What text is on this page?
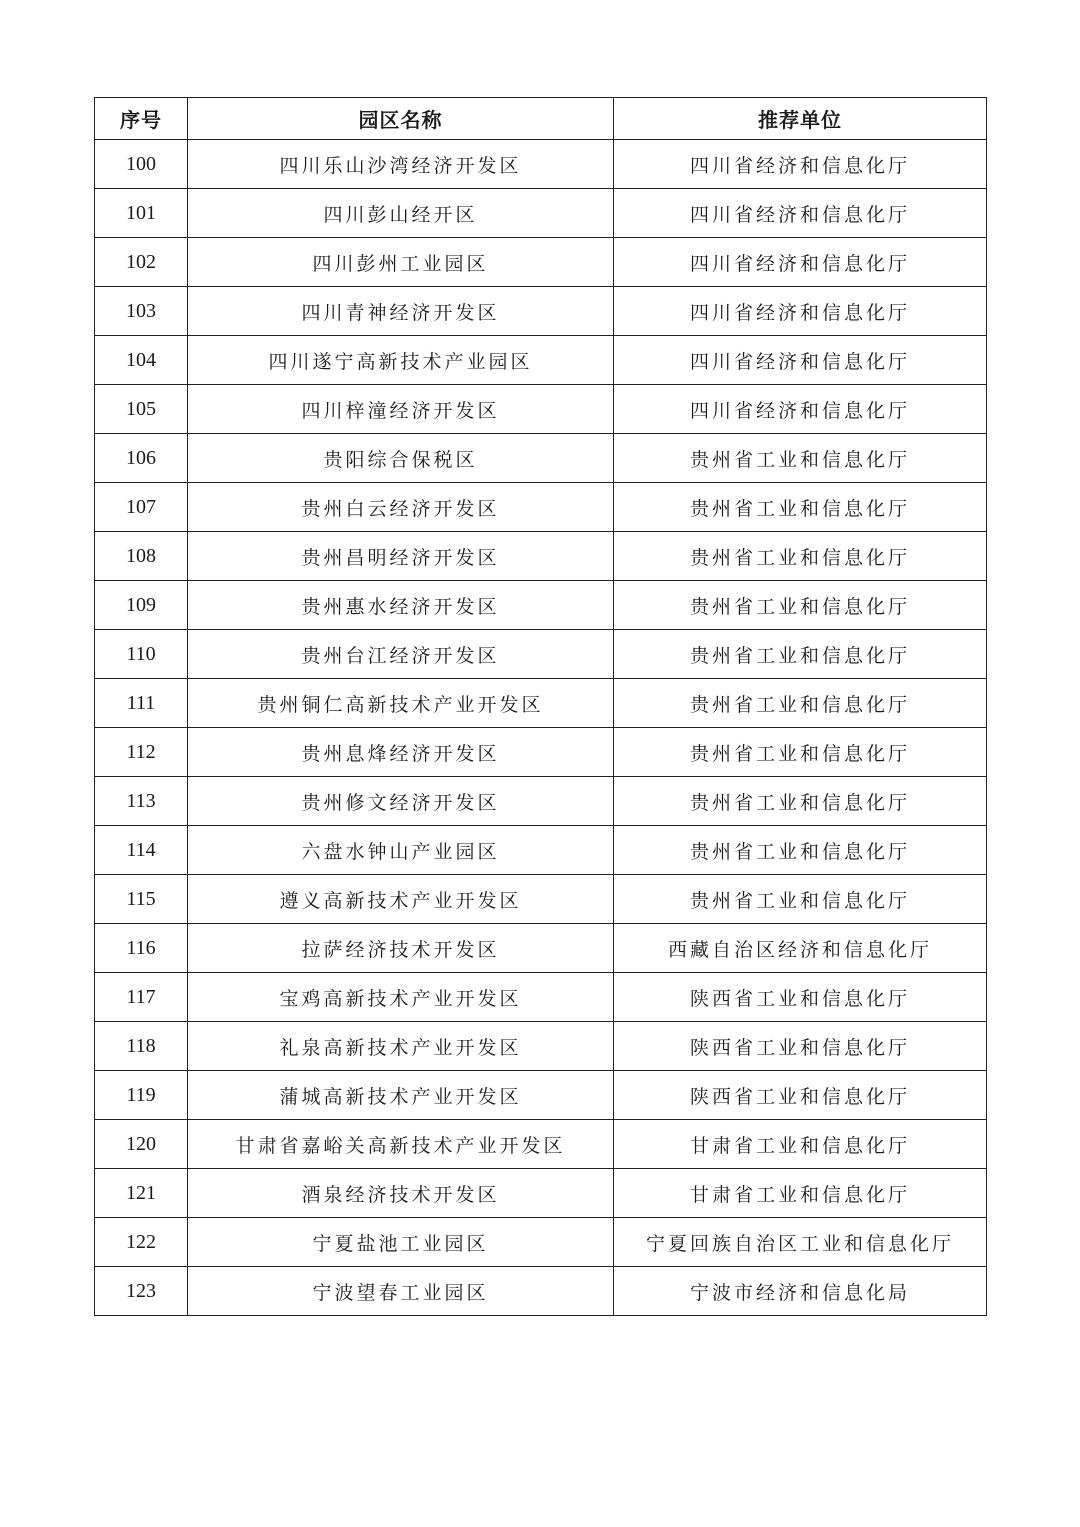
序号	园区名称	推荐单位
100	四川乐山沙湾经济开发区	四川省经济和信息化厅
101	四川彭山经开区	四川省经济和信息化厅
102	四川彭州工业园区	四川省经济和信息化厅
103	四川青神经济开发区	四川省经济和信息化厅
104	四川遂宁高新技术产业园区	四川省经济和信息化厅
105	四川梓潼经济开发区	四川省经济和信息化厅
106	贵阳综合保税区	贵州省工业和信息化厅
107	贵州白云经济开发区	贵州省工业和信息化厅
108	贵州昌明经济开发区	贵州省工业和信息化厅
109	贵州惠水经济开发区	贵州省工业和信息化厅
110	贵州台江经济开发区	贵州省工业和信息化厅
111	贵州铜仁高新技术产业开发区	贵州省工业和信息化厅
112	贵州息烽经济开发区	贵州省工业和信息化厅
113	贵州修文经济开发区	贵州省工业和信息化厅
114	六盘水钟山产业园区	贵州省工业和信息化厅
115	遵义高新技术产业开发区	贵州省工业和信息化厅
116	拉萨经济技术开发区	西藏自治区经济和信息化厅
117	宝鸡高新技术产业开发区	陕西省工业和信息化厅
118	礼泉高新技术产业开发区	陕西省工业和信息化厅
119	蒲城高新技术产业开发区	陕西省工业和信息化厅
120	甘肃省嘉峪关高新技术产业开发区	甘肃省工业和信息化厅
121	酒泉经济技术开发区	甘肃省工业和信息化厅
122	宁夏盐池工业园区	宁夏回族自治区工业和信息化厅
123	宁波望春工业园区	宁波市经济和信息化局
